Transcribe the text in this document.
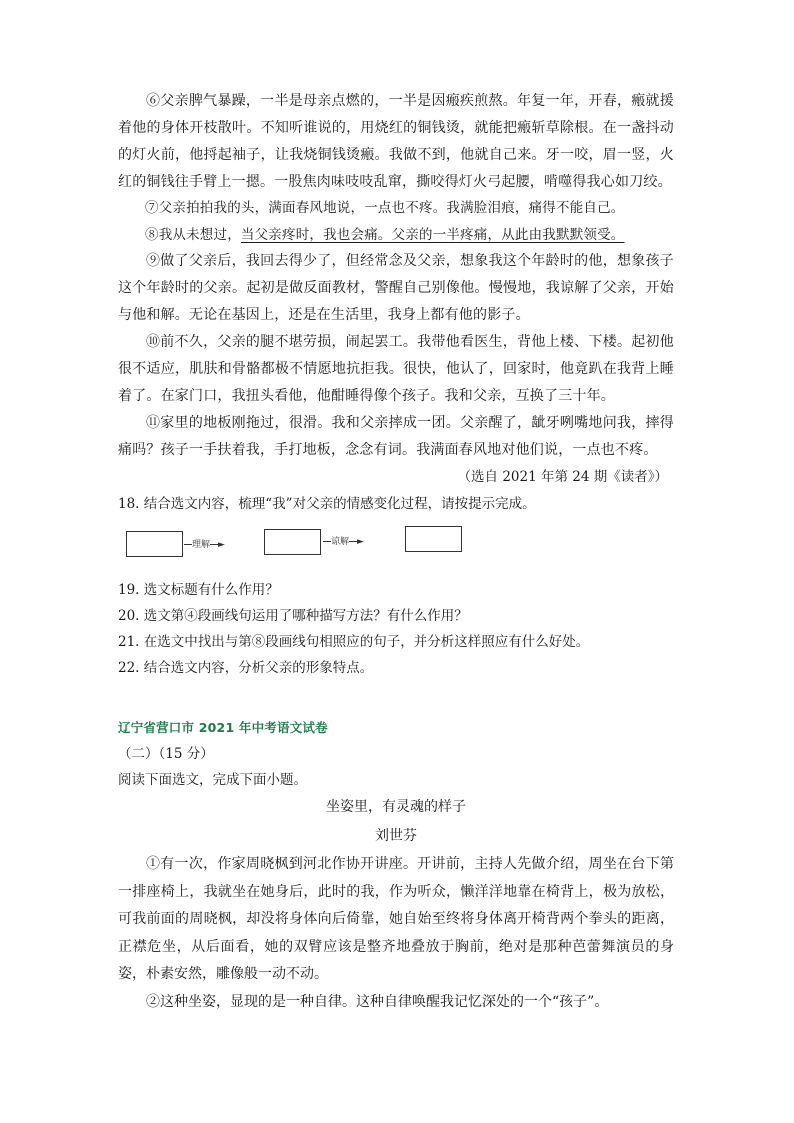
⑥父亲脾气暴躁，一半是母亲点燃的，一半是因瘢疾煎熬。年复一年，开春，瘢就援着他的身体开枝散叶。不知听谁说的，用烧红的铜钱烫，就能把瘢斩草除根。在一盏抖动的灯火前，他捋起袖子，让我烧铜钱烫瘢。我做不到，他就自己来。牙一咬，眉一竖，火红的铜钱往手臂上一摁。一股焦肉味吱吱乱窜，撕咬得灯火弓起腰，啃噬得我心如刀绞。

⑦父亲拍拍我的头，满面春风地说，一点也不疼。我满脸泪痕，痛得不能自己。

⑧我从未想过，当父亲疼时，我也会痛。父亲的一半疼痛，从此由我默默领受。

⑨做了父亲后，我回去得少了，但经常念及父亲，想象我这个年龄时的他，想象孩子这个年龄时的父亲。起初是做反面教材，警醒自己别像他。慢慢地，我谅解了父亲，开始与他和解。无论在基因上，还是在生活里，我身上都有他的影子。

⑩前不久，父亲的腿不堪劳损，闹起罢工。我带他看医生，背他上楼、下楼。起初他很不适应，肌肤和骨骼都极不情愿地抗拒我。很快，他认了，回家时，他竟趴在我背上睡着了。在家门口，我扭头看他，他酣睡得像个孩子。我和父亲，互换了三十年。

⑪家里的地板刚拖过，很滑。我和父亲摔成一团。父亲醒了，龇牙咧嘴地问我，摔得痛吗？孩子一手扶着我，手打地板，念念有词。我满面春风地对他们说，一点也不疼。

（选自 2021 年第 24 期《读者》）

18. 结合选文内容，梳理“我”对父亲的情感变化过程，请按提示完成。

理解 ►	谅解 ►

19. 选文标题有什么作用？

20. 选文第④段画线句运用了哪种描写方法？有什么作用？

21. 在选文中找出与第⑧段画线句相照应的句子，并分析这样照应有什么好处。

22. 结合选文内容，分析父亲的形象特点。

辽宁省营口市 2021 年中考语文试卷

（二）（15 分）

阅读下面选文，完成下面小题。

坐姿里，有灵魂的样子

刘世芬

①有一次，作家周晓枫到河北作协开讲座。开讲前，主持人先做介绍，周坐在台下第一排座椅上，我就坐在她身后，此时的我，作为听众，懒洋洋地靠在椅背上，极为放松，可我前面的周晓枫，却没将身体向后倚靠，她自始至终将身体离开椅背两个拳头的距离，正襟危坐，从后面看，她的双臂应该是整齐地叠放于胸前，绝对是那种芭蕾舞演员的身姿，朴素安然，雕像般一动不动。

②这种坐姿，显现的是一种自律。这种自律唤醒我记忆深处的一个“孩子”。
